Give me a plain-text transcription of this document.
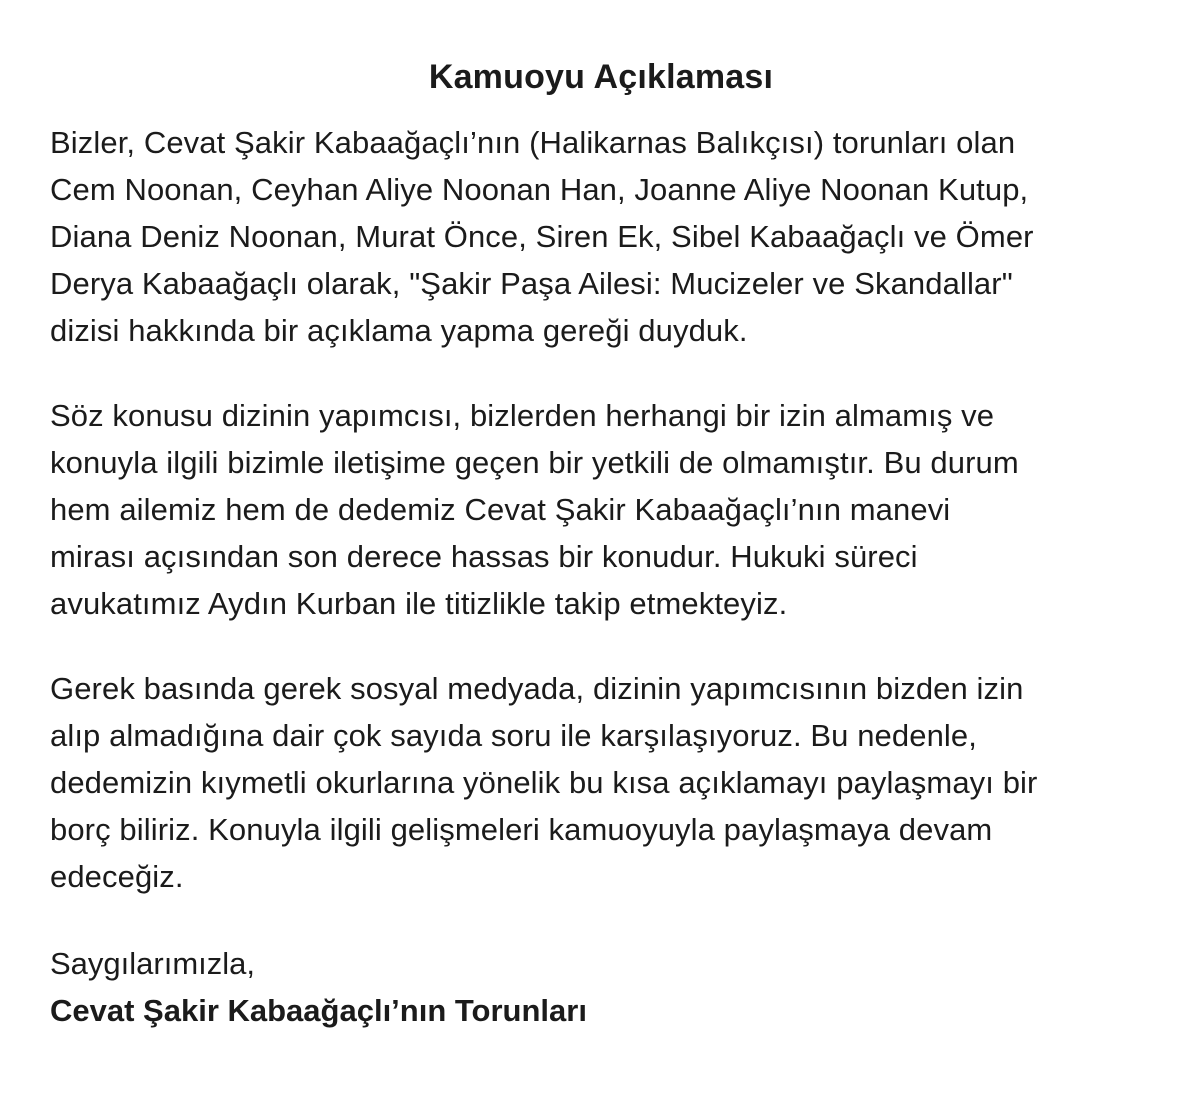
Kamuoyu Açıklaması

Bizler, Cevat Şakir Kabaağaçlı’nın (Halikarnas Balıkçısı) torunları olan
Cem Noonan, Ceyhan Aliye Noonan Han, Joanne Aliye Noonan Kutup,
Diana Deniz Noonan, Murat Önce, Siren Ek, Sibel Kabaağaçlı ve Ömer
Derya Kabaağaçlı olarak, "Şakir Paşa Ailesi: Mucizeler ve Skandallar"
dizisi hakkında bir açıklama yapma gereği duyduk.

Söz konusu dizinin yapımcısı, bizlerden herhangi bir izin almamış ve
konuyla ilgili bizimle iletişime geçen bir yetkili de olmamıştır. Bu durum
hem ailemiz hem de dedemiz Cevat Şakir Kabaağaçlı’nın manevi
mirası açısından son derece hassas bir konudur. Hukuki süreci
avukatımız Aydın Kurban ile titizlikle takip etmekteyiz.

Gerek basında gerek sosyal medyada, dizinin yapımcısının bizden izin
alıp almadığına dair çok sayıda soru ile karşılaşıyoruz. Bu nedenle,
dedemizin kıymetli okurlarına yönelik bu kısa açıklamayı paylaşmayı bir
borç biliriz. Konuyla ilgili gelişmeleri kamuoyuyla paylaşmaya devam
edeceğiz.

Saygılarımızla,
Cevat Şakir Kabaağaçlı’nın Torunları
